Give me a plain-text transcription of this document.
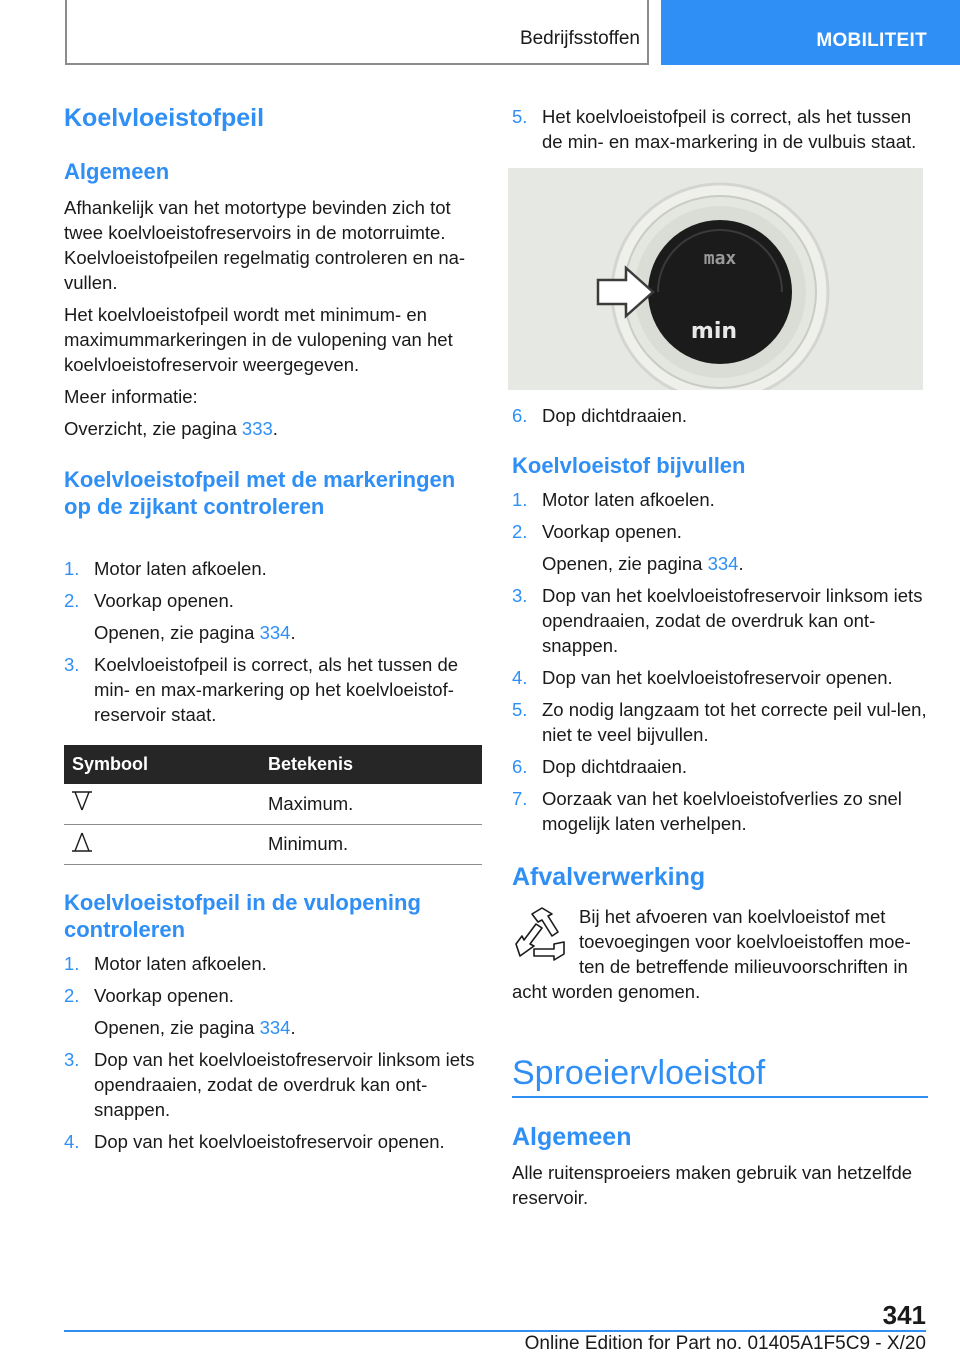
Bedrijfsstoffen	MOBILITEIT
Koelvloeistofpeil
Algemeen
Afhankelijk van het motortype bevinden zich tot twee koelvloeistofreservoirs in de motorruimte. Koelvloeistofpeilen regelmatig controleren en na-vullen.
Het koelvloeistofpeil wordt met minimum- en maximummarkeringen in de vulopening van het koelvloeistofreservoir weergegeven.
Meer informatie:
Overzicht, zie pagina 333.
Koelvloeistofpeil met de markeringen op de zijkant controleren
1. Motor laten afkoelen.
2. Voorkap openen.
Openen, zie pagina 334.
3. Koelvloeistofpeil is correct, als het tussen de min- en max-markering op het koelvloeistof-reservoir staat.
Symbool	Betekenis
	Maximum.
	Minimum.
Koelvloeistofpeil in de vulopening controleren
1. Motor laten afkoelen.
2. Voorkap openen.
Openen, zie pagina 334.
3. Dop van het koelvloeistofreservoir linksom iets opendraaien, zodat de overdruk kan ont-snappen.
4. Dop van het koelvloeistofreservoir openen.
5. Het koelvloeistofpeil is correct, als het tussen de min- en max-markering in de vulbuis staat.
max
min
6. Dop dichtdraaien.
Koelvloeistof bijvullen
1. Motor laten afkoelen.
2. Voorkap openen.
Openen, zie pagina 334.
3. Dop van het koelvloeistofreservoir linksom iets opendraaien, zodat de overdruk kan ont-snappen.
4. Dop van het koelvloeistofreservoir openen.
5. Zo nodig langzaam tot het correcte peil vul-len, niet te veel bijvullen.
6. Dop dichtdraaien.
7. Oorzaak van het koelvloeistofverlies zo snel mogelijk laten verhelpen.
Afvalverwerking
Bij het afvoeren van koelvloeistof met
toevoegingen voor koelvloeistoffen moe-
ten de betreffende milieuvoorschriften in
acht worden genomen.
Sproeiervloeistof
Algemeen
Alle ruitensproeiers maken gebruik van hetzelfde reservoir.
341
Online Edition for Part no. 01405A1F5C9 - X/20
